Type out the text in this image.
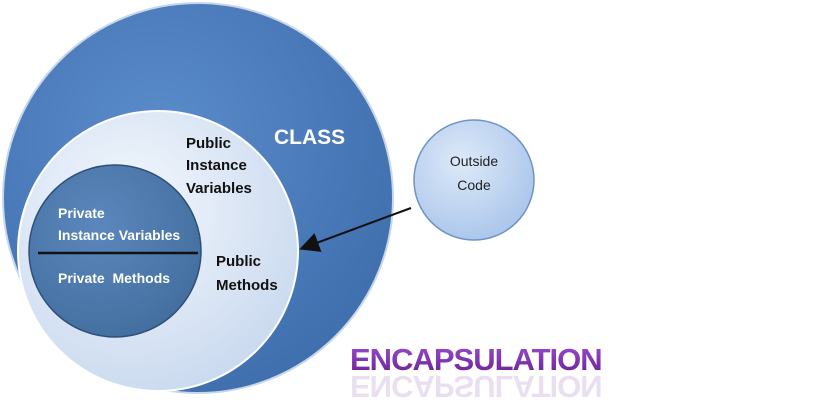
CLASS
Public
Instance
Variables
Public
Methods
Private
Instance Variables
Private  Methods
Outside
Code
ENCAPSULATION
ENCAPSULATION
